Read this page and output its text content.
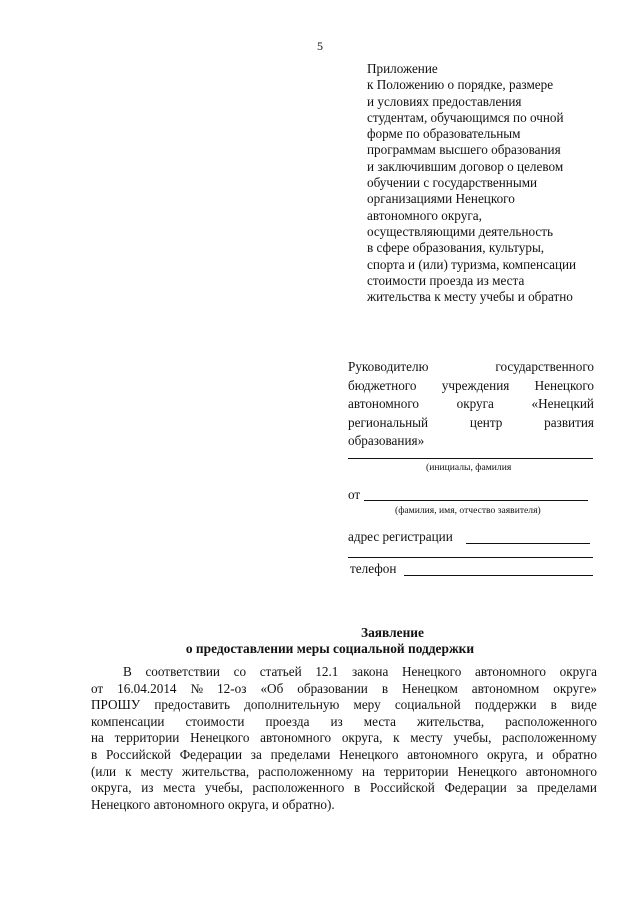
5
Приложение
к Положению о порядке, размере
и условиях предоставления
студентам, обучающимся по очной
форме по образовательным
программам высшего образования
и заключившим договор о целевом
обучении с государственными
организациями Ненецкого
автономного округа,
осуществляющими деятельность
в сфере образования, культуры,
спорта и (или) туризма, компенсации
стоимости проезда из места
жительства к месту учебы и обратно
Руководителю	государственного
бюджетного учреждения Ненецкого
автономного	округа	«Ненецкий
региональный	центр	развития
образования»
(инициалы, фамилия
от
(фамилия, имя, отчество заявителя)
адрес регистрации
телефон
Заявление
о предоставлении меры социальной поддержки
В соответствии со статьей 12.1 закона Ненецкого автономного округа
от 16.04.2014 № 12-оз «Об образовании в Ненецком автономном округе»
ПРОШУ предоставить дополнительную меру социальной поддержки в виде
компенсации стоимости проезда из места жительства, расположенного
на территории Ненецкого автономного округа, к месту учебы, расположенному
в Российской Федерации за пределами Ненецкого автономного округа, и обратно
(или к месту жительства, расположенному на территории Ненецкого автономного
округа, из места учебы, расположенного в Российской Федерации за пределами
Ненецкого автономного округа, и обратно).
